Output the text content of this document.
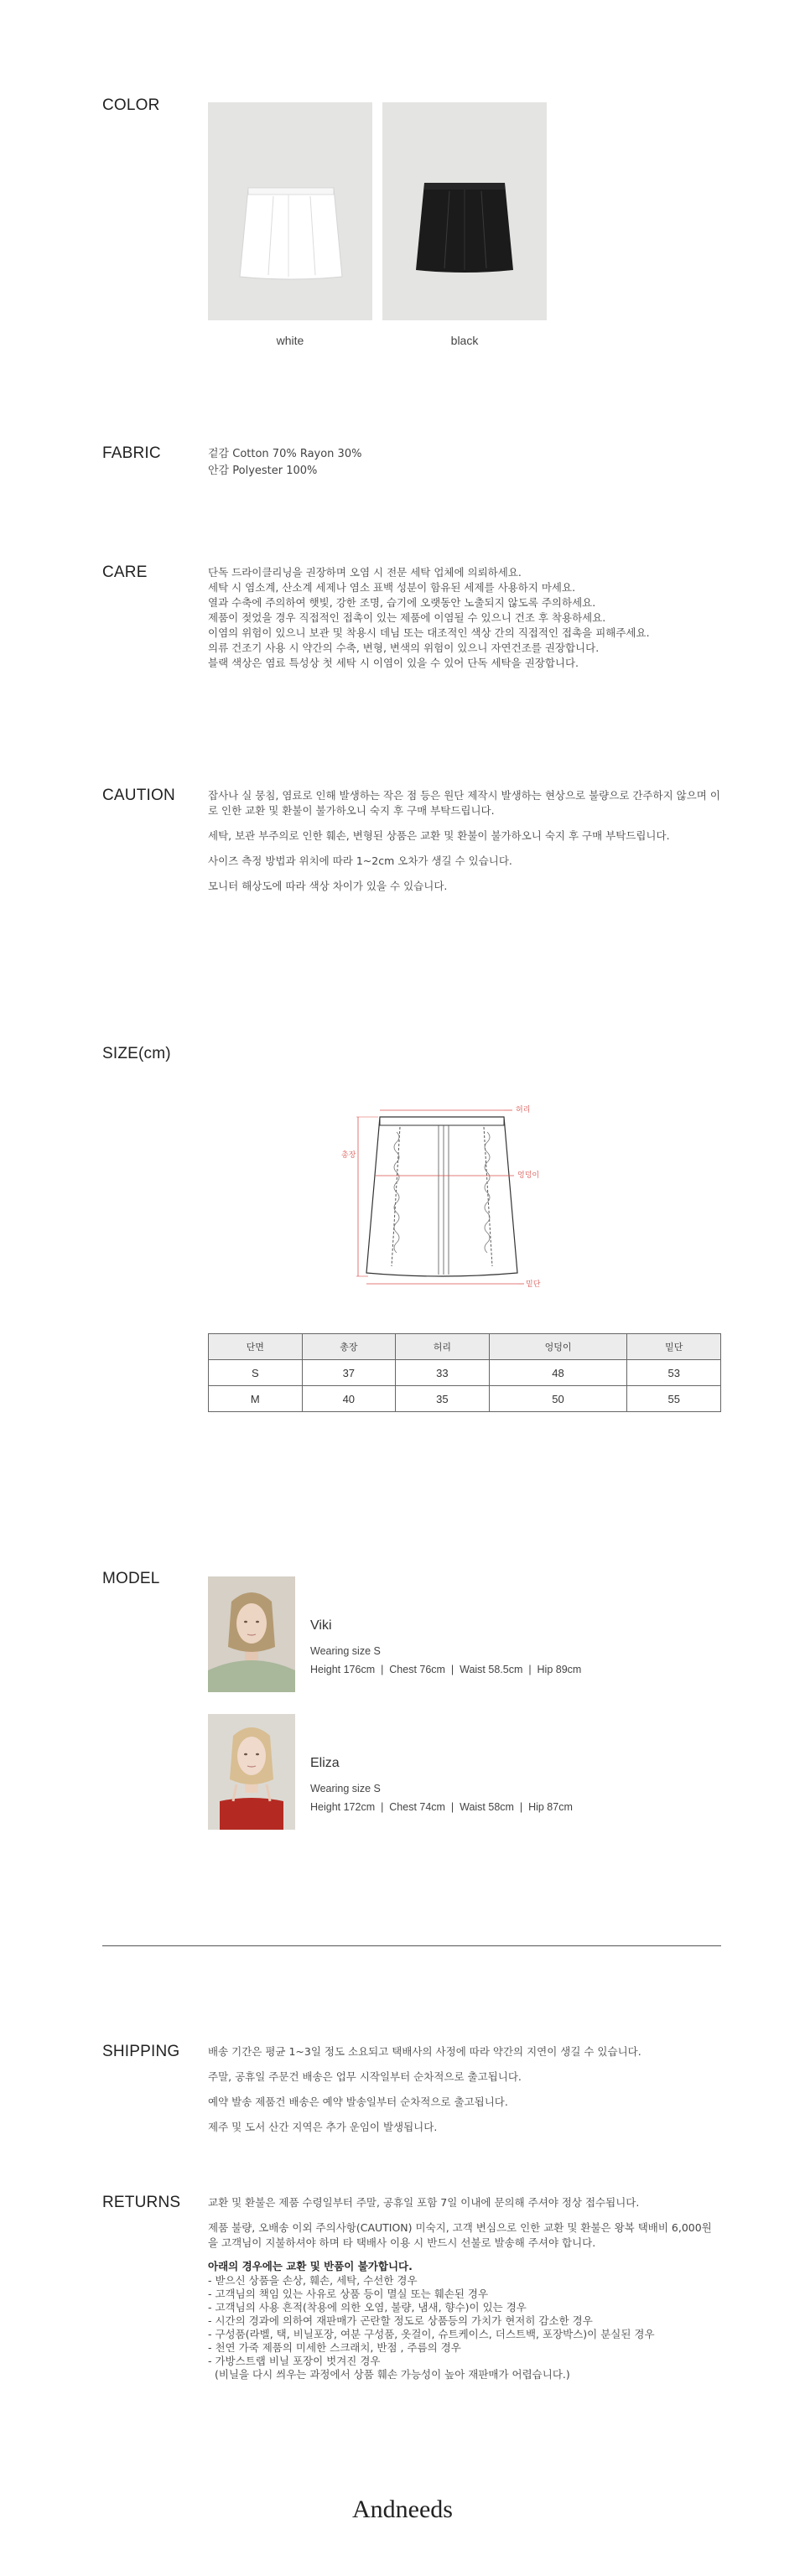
COLOR
white	black
FABRIC	겉감 Cotton 70% Rayon 30%
안감 Polyester 100%
CARE	단독 드라이클리닝을 권장하며 오염 시 전문 세탁 업체에 의뢰하세요.
세탁 시 염소계, 산소계 세제나 염소 표백 성분이 함유된 세제를 사용하지 마세요.
열과 수축에 주의하여 햇빛, 강한 조명, 습기에 오랫동안 노출되지 않도록 주의하세요.
제품이 젖었을 경우 직접적인 접촉이 있는 제품에 이염될 수 있으니 건조 후 착용하세요.
이염의 위험이 있으니 보관 및 착용시 데님 또는 대조적인 색상 간의 직접적인 접촉을 피해주세요.
의류 건조기 사용 시 약간의 수축, 변형, 변색의 위험이 있으니 자연건조를 권장합니다.
블랙 색상은 염료 특성상 첫 세탁 시 이염이 있을 수 있어 단독 세탁을 권장합니다.
CAUTION	잡사나 실 뭉침, 염료로 인해 발생하는 작은 점 등은 원단 제작시 발생하는 현상으로 불량으로 간주하지 않으며 이로 인한 교환 및 환불이 불가하오니 숙지 후 구매 부탁드립니다.
세탁, 보관 부주의로 인한 훼손, 변형된 상품은 교환 및 환불이 불가하오니 숙지 후 구매 부탁드립니다.
사이즈 측정 방법과 위치에 따라 1~2cm 오차가 생길 수 있습니다.
모니터 해상도에 따라 색상 차이가 있을 수 있습니다.
SIZE(cm)
허리
총장
엉덩이
밑단
단면	총장	허리	엉덩이	밑단
S	37	33	48	53
M	40	35	50	55
MODEL
Viki
Wearing size S
Height 176cm  |  Chest 76cm  |  Waist 58.5cm  |  Hip 89cm
Eliza
Wearing size S
Height 172cm  |  Chest 74cm  |  Waist 58cm  |  Hip 87cm
SHIPPING	배송 기간은 평균 1~3일 정도 소요되고 택배사의 사정에 따라 약간의 지연이 생길 수 있습니다.
주말, 공휴일 주문건 배송은 업무 시작일부터 순차적으로 출고됩니다.
예약 발송 제품건 배송은 예약 발송일부터 순차적으로 출고됩니다.
제주 및 도서 산간 지역은 추가 운임이 발생됩니다.
RETURNS	교환 및 환불은 제품 수령일부터 주말, 공휴일 포함 7일 이내에 문의해 주셔야 정상 접수됩니다.
제품 불량, 오배송 이외 주의사항(CAUTION) 미숙지, 고객 변심으로 인한 교환 및 환불은 왕복 택배비 6,000원을 고객님이 지불하셔야 하며 타 택배사 이용 시 반드시 선불로 발송해 주셔야 합니다.
아래의 경우에는 교환 및 반품이 불가합니다.
- 받으신 상품을 손상, 훼손, 세탁, 수선한 경우
- 고객님의 책임 있는 사유로 상품 등이 멸실 또는 훼손된 경우
- 고객님의 사용 흔적(착용에 의한 오염, 불량, 냄새, 향수)이 있는 경우
- 시간의 경과에 의하여 재판매가 곤란할 정도로 상품등의 가치가 현저히 감소한 경우
- 구성품(라벨, 택, 비닐포장, 여분 구성품, 옷걸이, 슈트케이스, 더스트백, 포장박스)이 분실된 경우
- 천연 가죽 제품의 미세한 스크래치, 반점 , 주름의 경우
- 가방스트랩 비닐 포장이 벗겨진 경우
(비닐을 다시 씌우는 과정에서 상품 훼손 가능성이 높아 재판매가 어렵습니다.)
Andneeds
